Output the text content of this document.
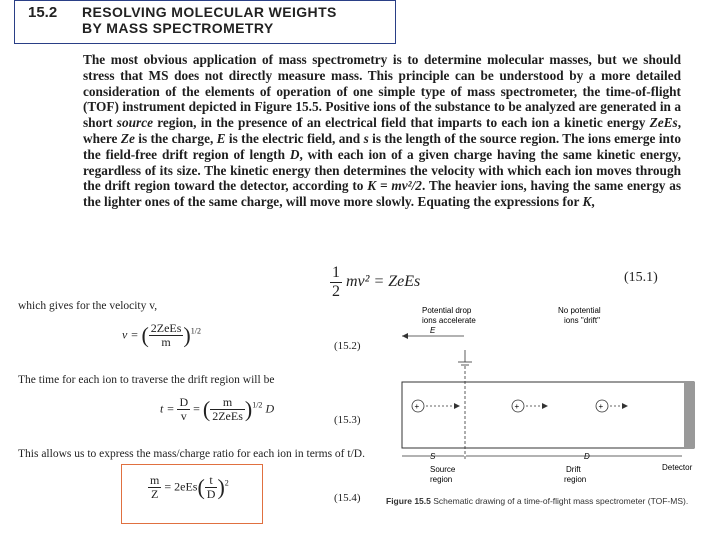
15.2 RESOLVING MOLECULAR WEIGHTS
BY MASS SPECTROMETRY

The most obvious application of mass spectrometry is to determine molecular masses, but we should stress that MS does not directly measure mass. This principle can be understood by a more detailed consideration of the elements of operation of one simple type of mass spectrometer, the time-of-flight (TOF) instrument depicted in Figure 15.5. Positive ions of the substance to be analyzed are generated in a short source region, in the presence of an electrical field that imparts to each ion a kinetic energy ZeEs, where Ze is the charge, E is the electric field, and s is the length of the source region. The ions emerge into the field-free drift region of length D, with each ion of a given charge having the same kinetic energy, regardless of its size. The kinetic energy then determines the velocity with which each ion moves through the drift region toward the detector, according to K = mv²/2. The heavier ions, having the same energy as the lighter ones of the same charge, will move more slowly. Equating the expressions for K,

$\frac{1}{2} mv^2$ = ZeEs	(15.1)
which gives for the velocity v,
v = ( $\frac{\text{2ZeEs}}{m} )^{1/2}$
(15.2)
The time for each ion to traverse the drift region will be
$t = \frac{D}{v}$ = ( $\frac{m}{\text{2ZeEs}} )^{1/2}$ D
(15.3)
This allows us to express the mass/charge ratio for each ion in terms of t/D.
$\frac{m}{Z} = 2eEs( \frac{t}{D} )^2$
(15.4)
Potential drop
ions accelerate
No potential
ions "drift"
E
+	+	+
S	D
Source
region
Drift
region
Detector
Figure 15.5 Schematic drawing of a time-of-flight mass spectrometer (TOF-MS).
